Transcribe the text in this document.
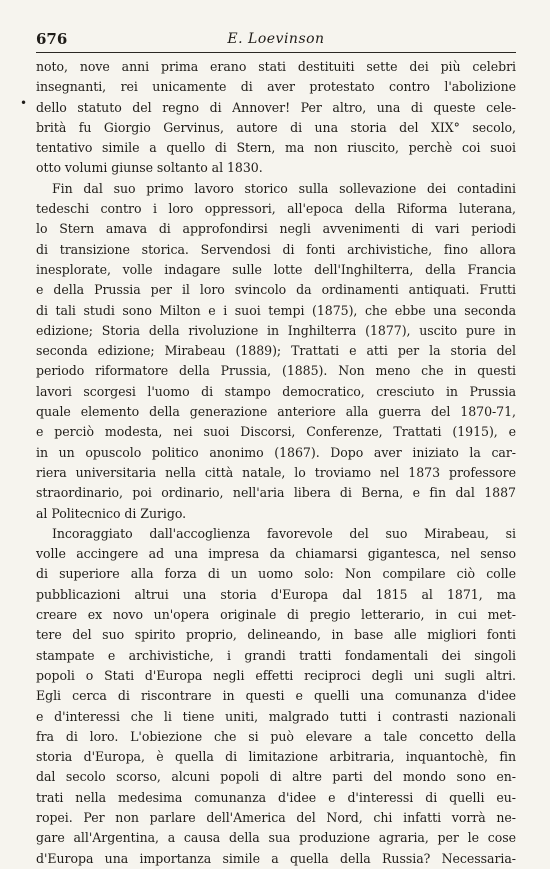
676	E. Loevinson
•
noto, nove anni prima erano stati destituiti sette dei più celebri
insegnanti, rei unicamente di aver protestato contro l'abolizione
dello statuto del regno di Annover! Per altro, una di queste cele-
brità fu Giorgio Gervinus, autore di una storia del XIX° secolo,
tentativo simile a quello di Stern, ma non riuscito, perchè coi suoi
otto volumi giunse soltanto al 1830.
Fin dal suo primo lavoro storico sulla sollevazione dei contadini
tedeschi contro i loro oppressori, all'epoca della Riforma luterana,
lo Stern amava di approfondirsi negli avvenimenti di vari periodi
di transizione storica. Servendosi di fonti archivistiche, fino allora
inesplorate, volle indagare sulle lotte dell'Inghilterra, della Francia
e della Prussia per il loro svincolo da ordinamenti antiquati. Frutti
di tali studi sono Milton e i suoi tempi (1875), che ebbe una seconda
edizione; Storia della rivoluzione in Inghilterra (1877), uscito pure in
seconda edizione; Mirabeau (1889); Trattati e atti per la storia del
periodo riformatore della Prussia, (1885). Non meno che in questi
lavori scorgesi l'uomo di stampo democratico, cresciuto in Prussia
quale elemento della generazione anteriore alla guerra del 1870-71,
e perciò modesta, nei suoi Discorsi, Conferenze, Trattati (1915), e
in un opuscolo politico anonimo (1867). Dopo aver iniziato la car-
riera universitaria nella città natale, lo troviamo nel 1873 professore
straordinario, poi ordinario, nell'aria libera di Berna, e fin dal 1887
al Politecnico di Zurigo.
Incoraggiato dall'accoglienza favorevole del suo Mirabeau, si
volle accingere ad una impresa da chiamarsi gigantesca, nel senso
di superiore alla forza di un uomo solo: Non compilare ciò colle
pubblicazioni altrui una storia d'Europa dal 1815 al 1871, ma
creare ex novo un'opera originale di pregio letterario, in cui met-
tere del suo spirito proprio, delineando, in base alle migliori fonti
stampate e archivistiche, i grandi tratti fondamentali dei singoli
popoli o Stati d'Europa negli effetti reciproci degli uni sugli altri.
Egli cerca di riscontrare in questi e quelli una comunanza d'idee
e d'interessi che li tiene uniti, malgrado tutti i contrasti nazionali
fra di loro. L'obiezione che si può elevare a tale concetto della
storia d'Europa, è quella di limitazione arbitraria, inquantochè, fin
dal secolo scorso, alcuni popoli di altre parti del mondo sono en-
trati nella medesima comunanza d'idee e d'interessi di quelli eu-
ropei. Per non parlare dell'America del Nord, chi infatti vorrà ne-
gare all'Argentina, a causa della sua produzione agraria, per le cose
d'Europa una importanza simile a quella della Russia? Necessaria-
